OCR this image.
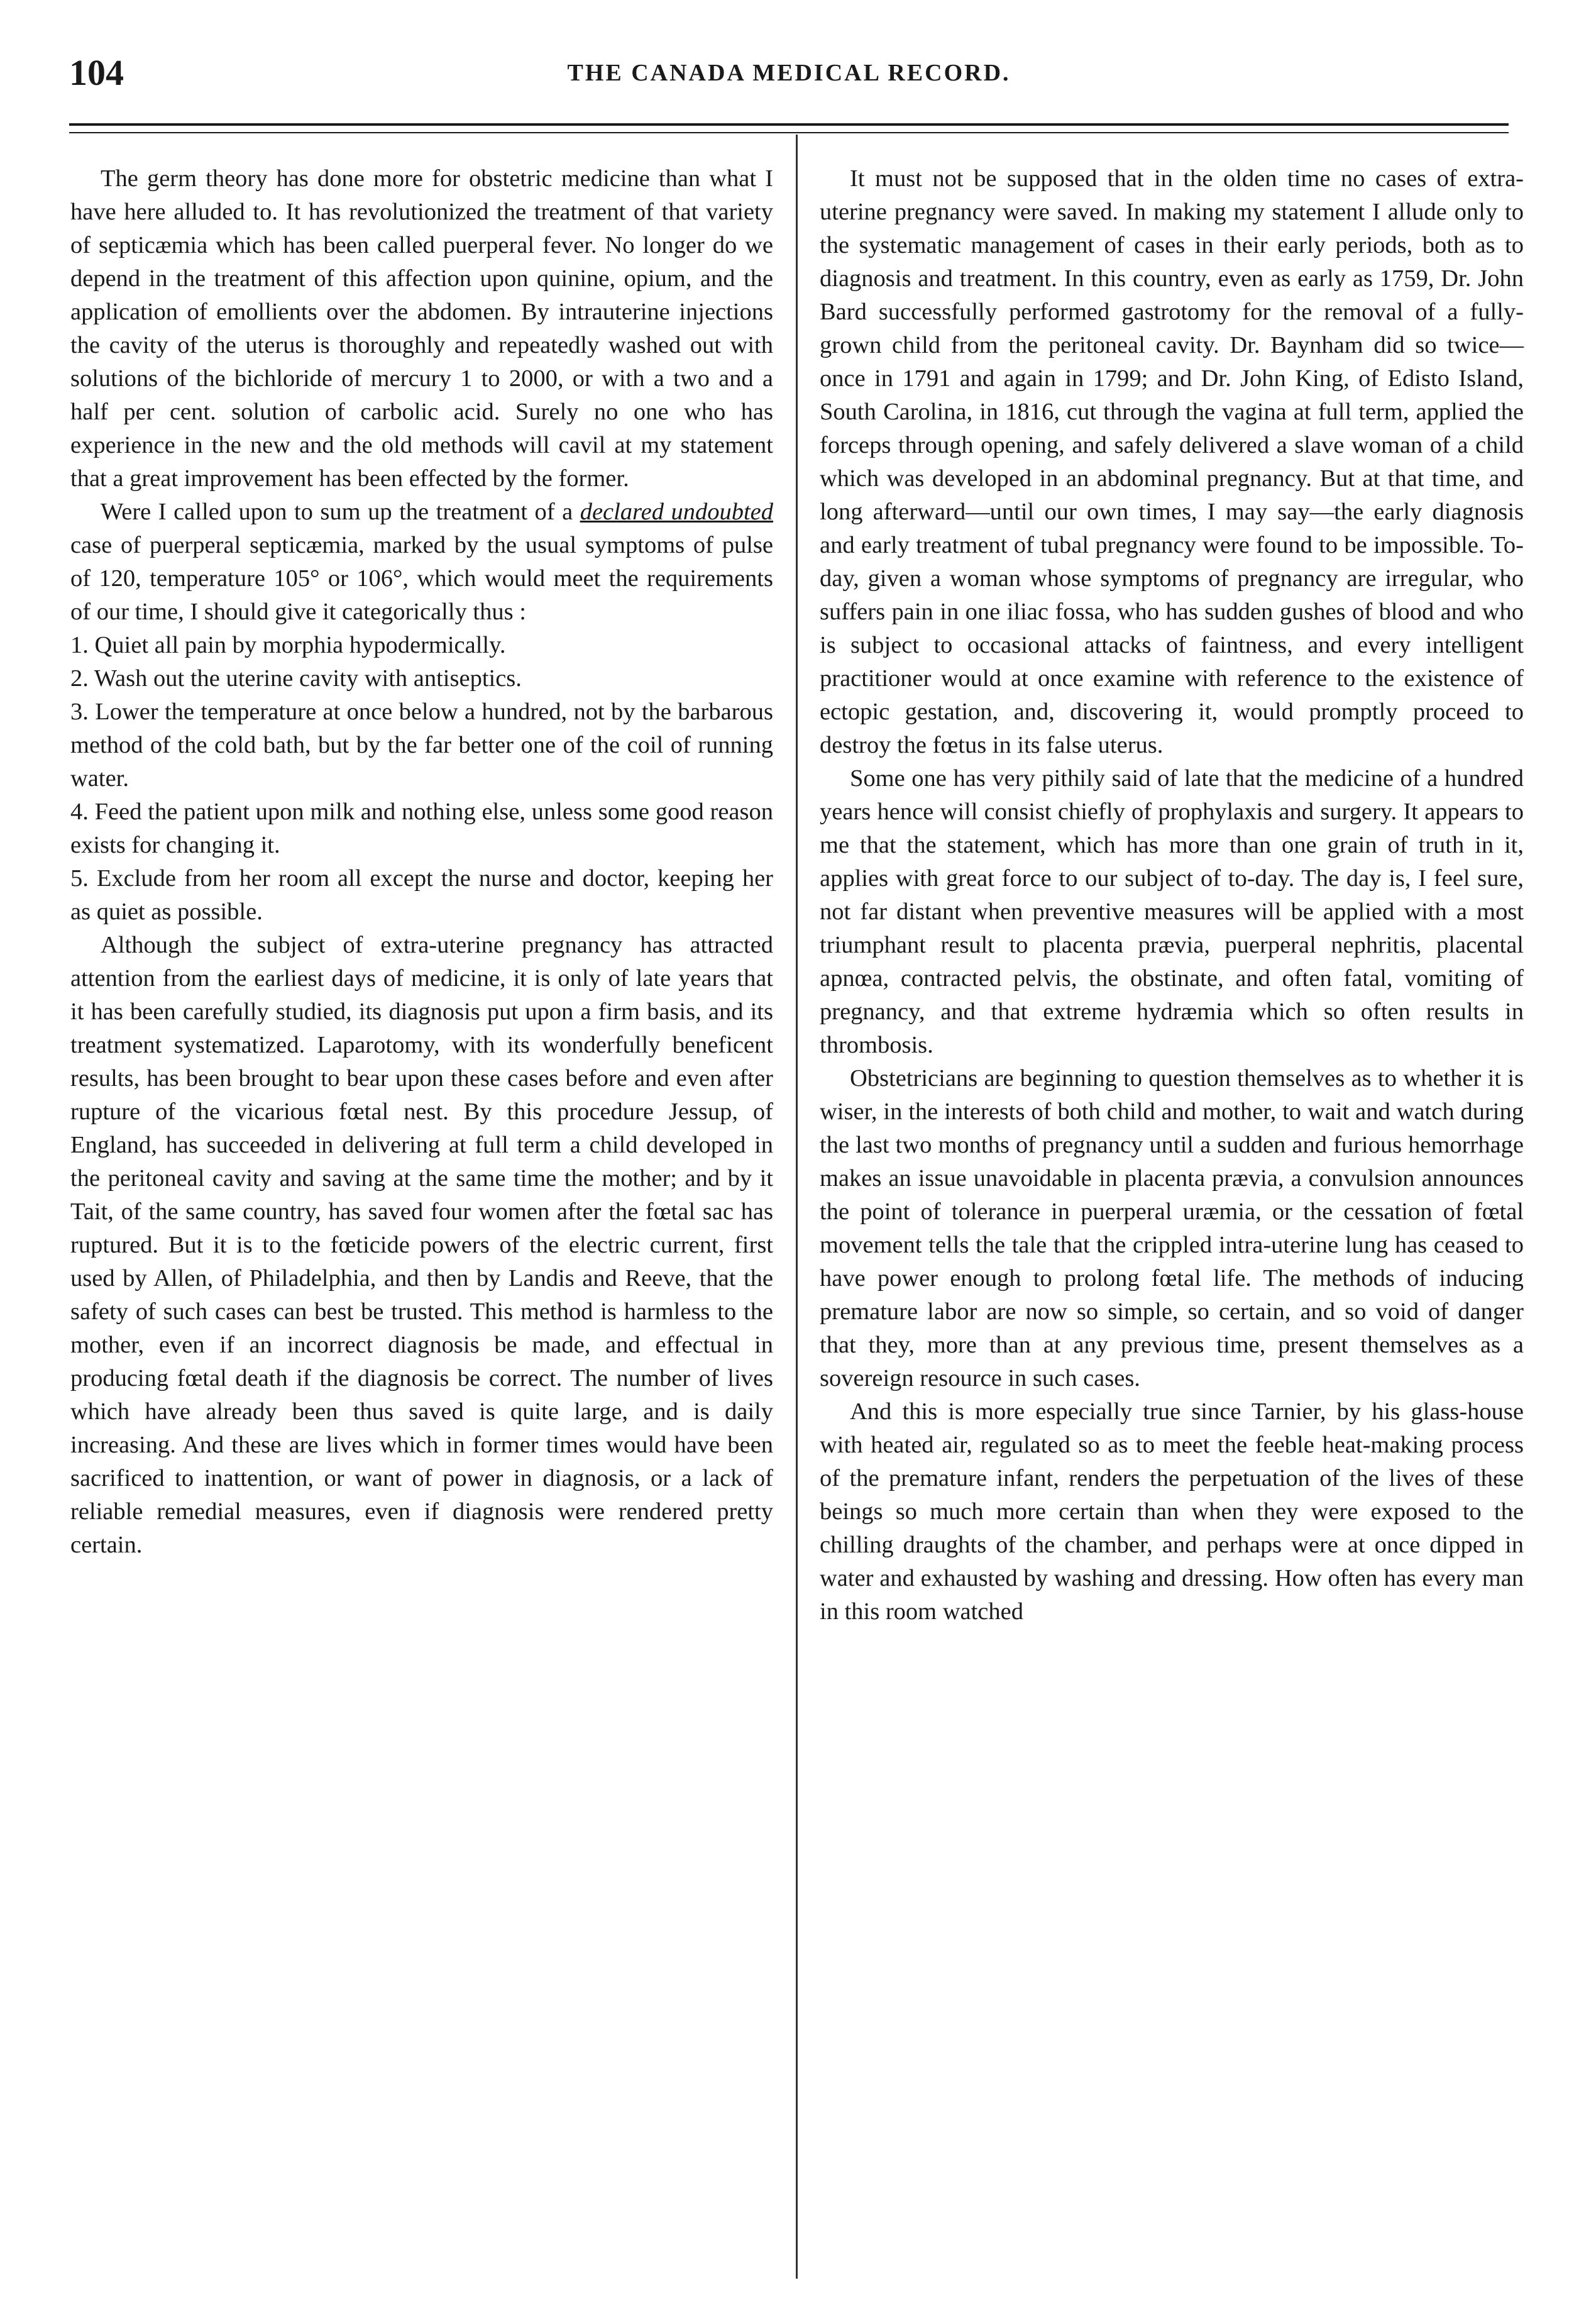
104	THE CANADA MEDICAL RECORD.

The germ theory has done more for obstetric medicine than what I have here alluded to. It has revolutionized the treatment of that variety of septicæmia which has been called puerperal fever. No longer do we depend in the treatment of this affection upon quinine, opium, and the application of emollients over the abdomen. By intrauterine injections the cavity of the uterus is thoroughly and repeatedly washed out with solutions of the bichloride of mercury 1 to 2000, or with a two and a half per cent. solution of carbolic acid. Surely no one who has experience in the new and the old methods will cavil at my statement that a great improvement has been effected by the former.

Were I called upon to sum up the treatment of a declared undoubted case of puerperal septicæmia, marked by the usual symptoms of pulse of 120, temperature 105° or 106°, which would meet the requirements of our time, I should give it categorically thus :

1. Quiet all pain by morphia hypodermically.

2. Wash out the uterine cavity with antiseptics.

3. Lower the temperature at once below a hundred, not by the barbarous method of the cold bath, but by the far better one of the coil of running water.

4. Feed the patient upon milk and nothing else, unless some good reason exists for changing it.

5. Exclude from her room all except the nurse and doctor, keeping her as quiet as possible.

Although the subject of extra-uterine pregnancy has attracted attention from the earliest days of medicine, it is only of late years that it has been carefully studied, its diagnosis put upon a firm basis, and its treatment systematized. Laparotomy, with its wonderfully beneficent results, has been brought to bear upon these cases before and even after rupture of the vicarious fœtal nest. By this procedure Jessup, of England, has succeeded in delivering at full term a child developed in the peritoneal cavity and saving at the same time the mother; and by it Tait, of the same country, has saved four women after the fœtal sac has ruptured. But it is to the fœticide powers of the electric current, first used by Allen, of Philadelphia, and then by Landis and Reeve, that the safety of such cases can best be trusted. This method is harmless to the mother, even if an incorrect diagnosis be made, and effectual in producing fœtal death if the diagnosis be correct. The number of lives which have already been thus saved is quite large, and is daily increasing. And these are lives which in former times would have been sacrificed to inattention, or want of power in diagnosis, or a lack of reliable remedial measures, even if diagnosis were rendered pretty certain.

It must not be supposed that in the olden time no cases of extra-uterine pregnancy were saved. In making my statement I allude only to the systematic management of cases in their early periods, both as to diagnosis and treatment. In this country, even as early as 1759, Dr. John Bard successfully performed gastrotomy for the removal of a fully-grown child from the peritoneal cavity. Dr. Baynham did so twice—once in 1791 and again in 1799; and Dr. John King, of Edisto Island, South Carolina, in 1816, cut through the vagina at full term, applied the forceps through opening, and safely delivered a slave woman of a child which was developed in an abdominal pregnancy. But at that time, and long afterward—until our own times, I may say—the early diagnosis and early treatment of tubal pregnancy were found to be impossible. To-day, given a woman whose symptoms of pregnancy are irregular, who suffers pain in one iliac fossa, who has sudden gushes of blood and who is subject to occasional attacks of faintness, and every intelligent practitioner would at once examine with reference to the existence of ectopic gestation, and, discovering it, would promptly proceed to destroy the fœtus in its false uterus.

Some one has very pithily said of late that the medicine of a hundred years hence will consist chiefly of prophylaxis and surgery. It appears to me that the statement, which has more than one grain of truth in it, applies with great force to our subject of to-day. The day is, I feel sure, not far distant when preventive measures will be applied with a most triumphant result to placenta prævia, puerperal nephritis, placental apnœa, contracted pelvis, the obstinate, and often fatal, vomiting of pregnancy, and that extreme hydræmia which so often results in thrombosis.

Obstetricians are beginning to question themselves as to whether it is wiser, in the interests of both child and mother, to wait and watch during the last two months of pregnancy until a sudden and furious hemorrhage makes an issue unavoidable in placenta prævia, a convulsion announces the point of tolerance in puerperal uræmia, or the cessation of fœtal movement tells the tale that the crippled intra-uterine lung has ceased to have power enough to prolong fœtal life. The methods of inducing premature labor are now so simple, so certain, and so void of danger that they, more than at any previous time, present themselves as a sovereign resource in such cases.

And this is more especially true since Tarnier, by his glass-house with heated air, regulated so as to meet the feeble heat-making process of the premature infant, renders the perpetuation of the lives of these beings so much more certain than when they were exposed to the chilling draughts of the chamber, and perhaps were at once dipped in water and exhausted by washing and dressing. How often has every man in this room watched
